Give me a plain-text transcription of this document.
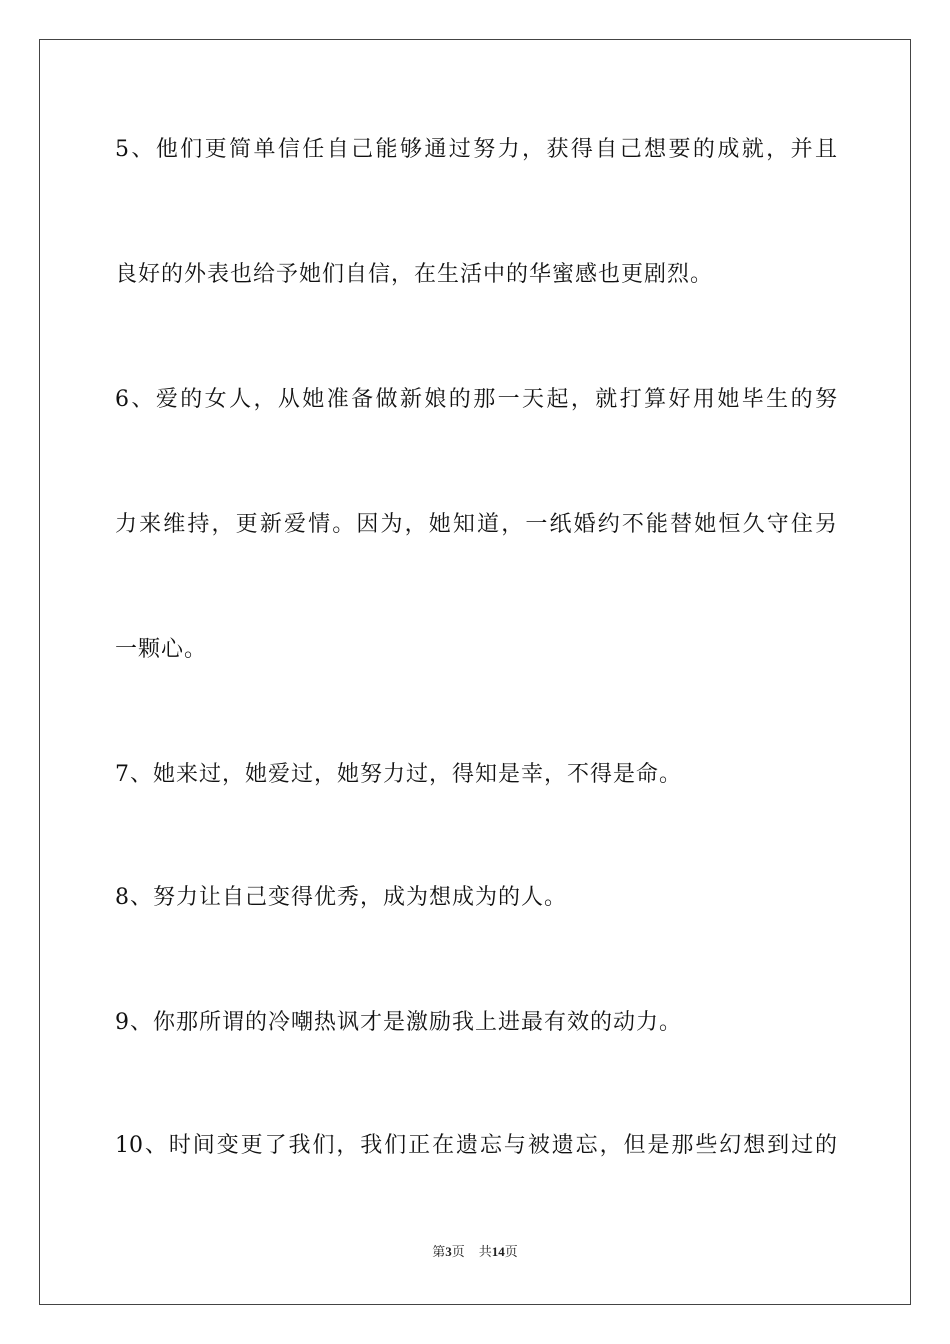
5、他们更简单信任自己能够通过努力，获得自己想要的成就，并且
良好的外表也给予她们自信，在生活中的华蜜感也更剧烈。
6、爱的女人，从她准备做新娘的那一天起，就打算好用她毕生的努
力来维持，更新爱情。因为，她知道，一纸婚约不能替她恒久守住另
一颗心。
7、她来过，她爱过，她努力过，得知是幸，不得是命。
8、努力让自己变得优秀，成为想成为的人。
9、你那所谓的冷嘲热讽才是激励我上进最有效的动力。
10、时间变更了我们，我们正在遗忘与被遗忘，但是那些幻想到过的
第3页 共14页
